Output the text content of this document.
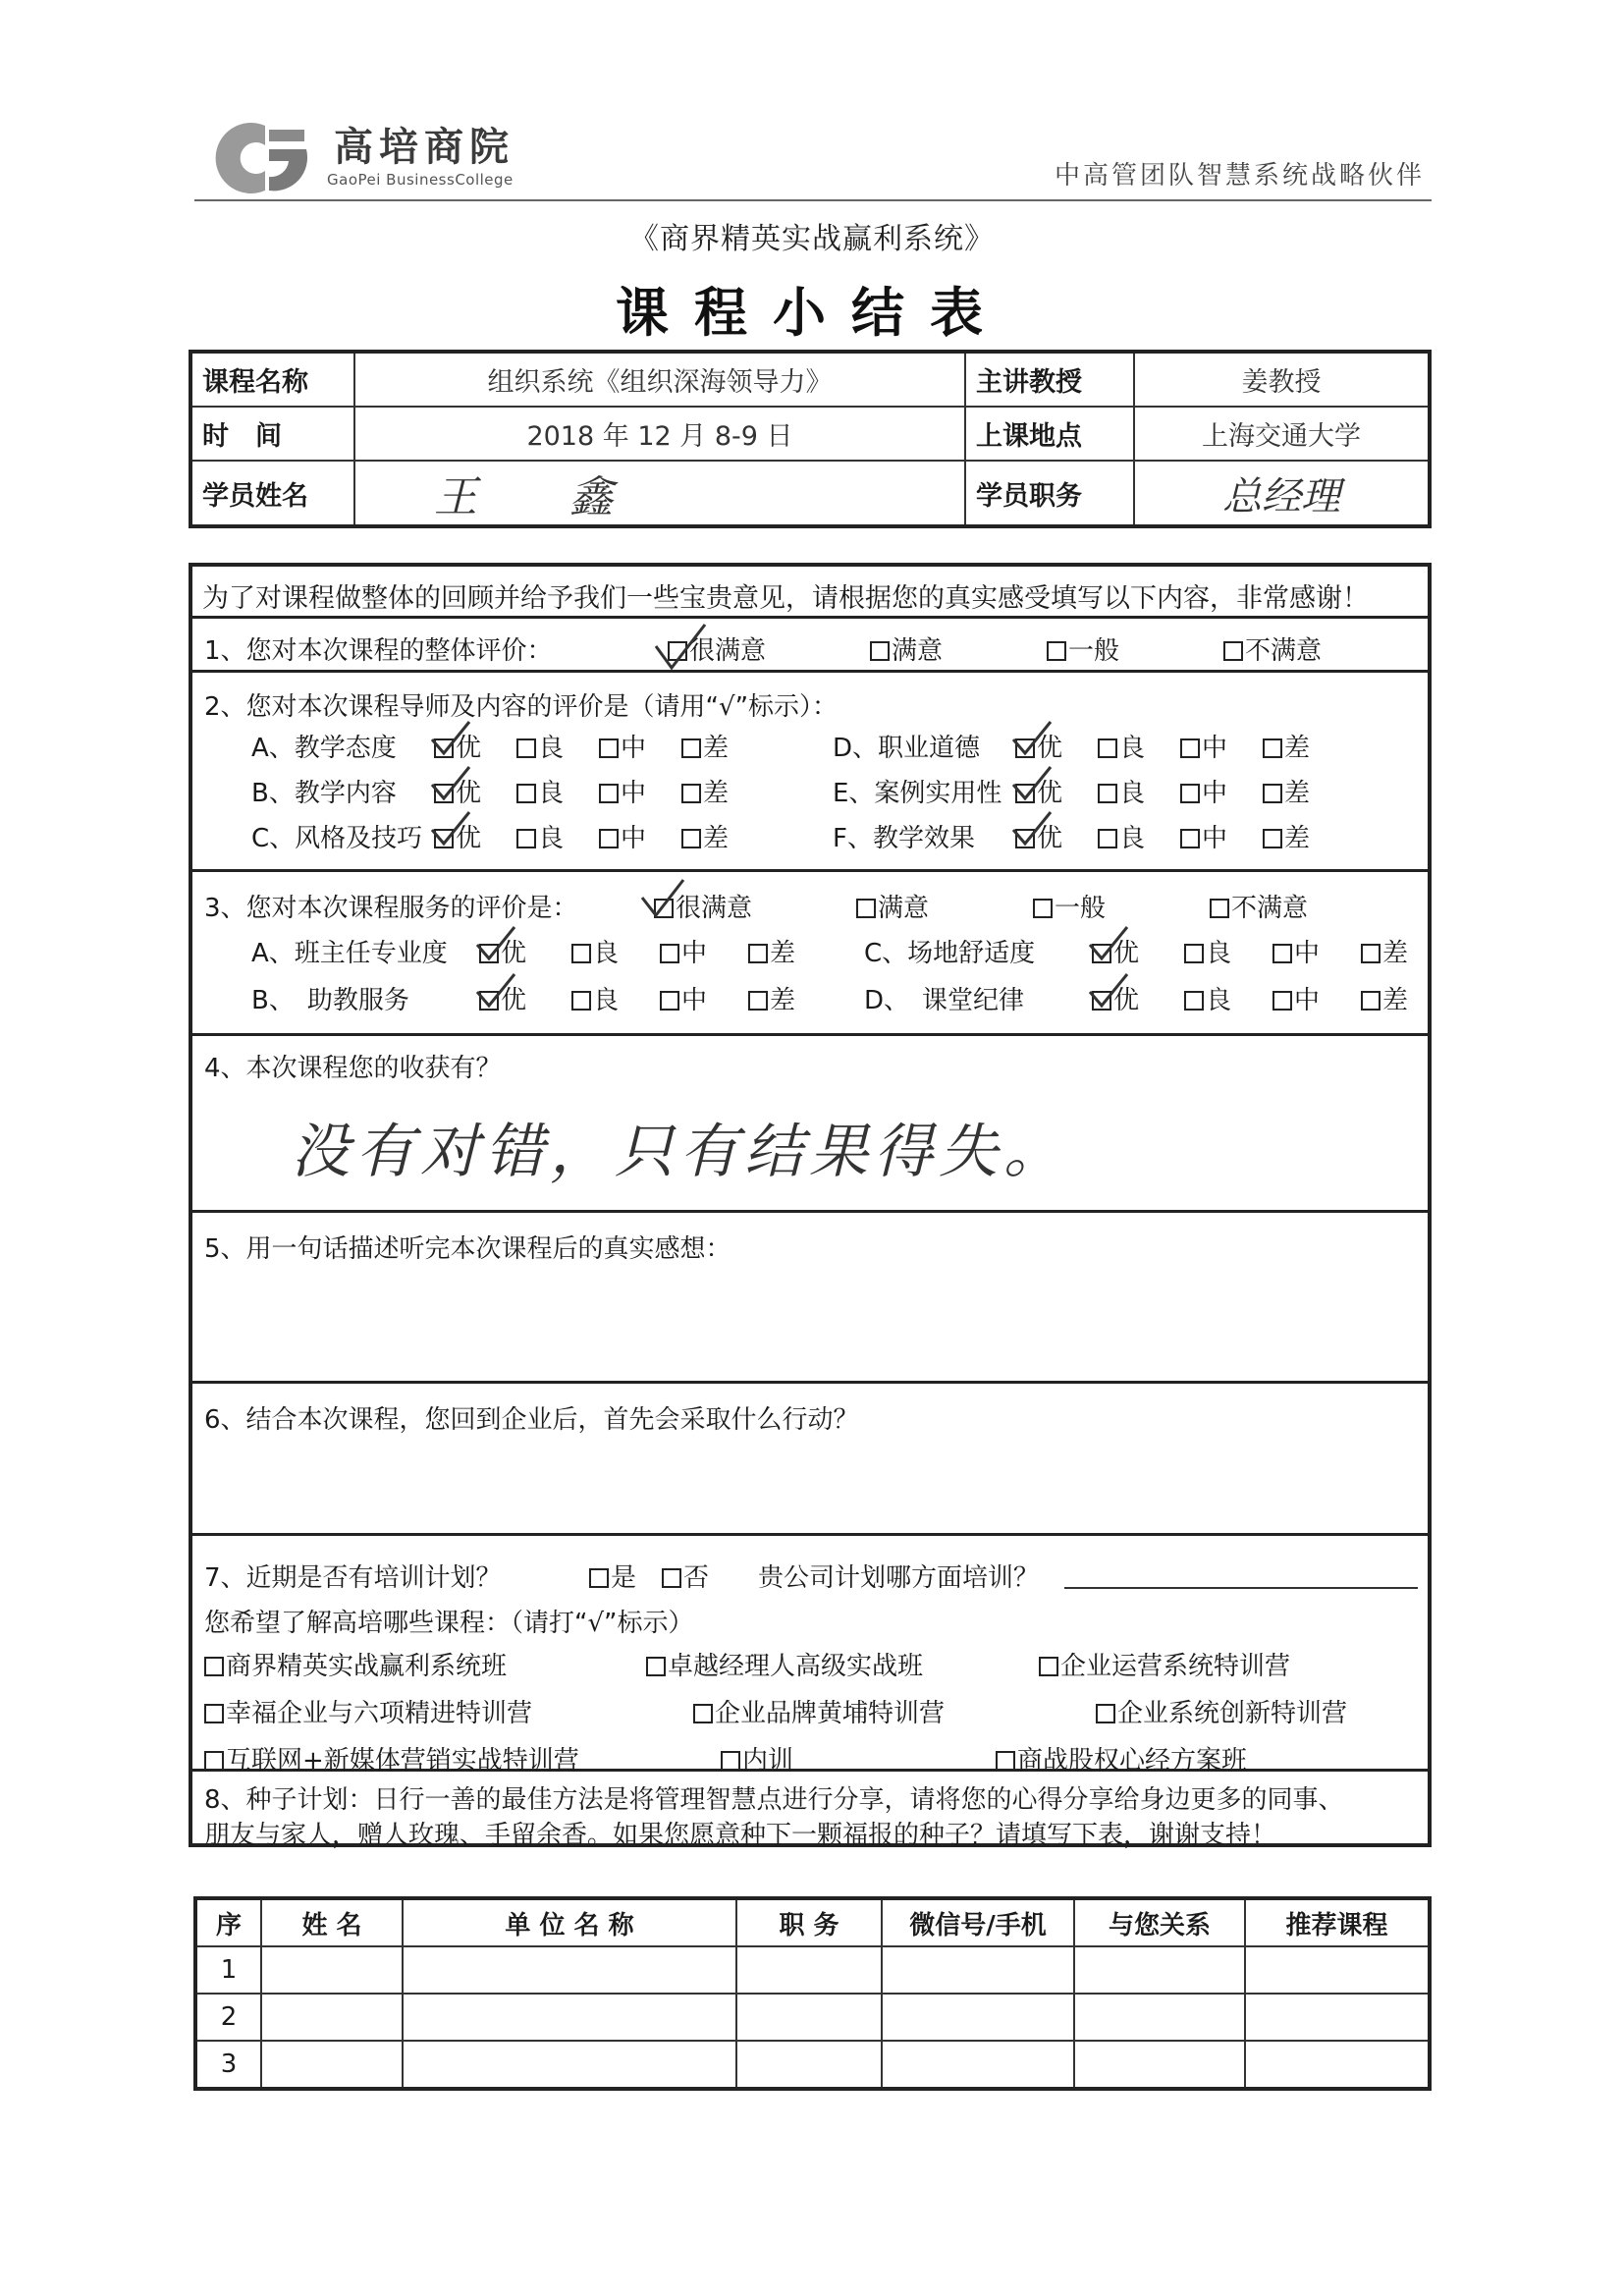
高培商院
GaoPei BusinessCollege	中高管团队智慧系统战略伙伴
《商界精英实战赢利系统》
课程小结表
课程名称	组织系统《组织深海领导力》	主讲教授	姜教授
时　间	2018 年 12 月 8-9 日	上课地点	上海交通大学
学员姓名	王 鑫	学员职务	总经理
为了对课程做整体的回顾并给予我们一些宝贵意见，请根据您的真实感受填写以下内容，非常感谢！
1、您对本次课程的整体评价：	很满意	满意	一般	不满意
2、您对本次课程导师及内容的评价是（请用“√”标示）：
A、教学态度	优	良	中	差	D、职业道德	优	良	中	差
B、教学内容	优	良	中	差	E、案例实用性	优	良	中	差
C、风格及技巧	优	良	中	差	F、教学效果	优	良	中	差
3、您对本次课程服务的评价是：	很满意	满意	一般	不满意
A、班主任专业度	优	良	中	差	C、场地舒适度	优	良	中	差
B、　助教服务	优	良	中	差	D、　课堂纪律	优	良	中	差
4、本次课程您的收获有？
没有对错，只有结果得失。
5、用一句话描述听完本次课程后的真实感想：
6、结合本次课程，您回到企业后，首先会采取什么行动？
7、近期是否有培训计划？	是	否 贵公司计划哪方面培训？
您希望了解高培哪些课程：（请打“√”标示）
商界精英实战赢利系统班	卓越经理人高级实战班	企业运营系统特训营
幸福企业与六项精进特训营	企业品牌黄埔特训营	企业系统创新特训营
互联网+新媒体营销实战特训营	内训	商战股权心经方案班
8、种子计划：日行一善的最佳方法是将管理智慧点进行分享，请将您的心得分享给身边更多的同事、
朋友与家人，赠人玫瑰、手留余香。如果您愿意种下一颗福报的种子？请填写下表，谢谢支持！
序	姓 名	单 位 名 称	职 务	微信号/手机	与您关系	推荐课程
1						
2						
3						
